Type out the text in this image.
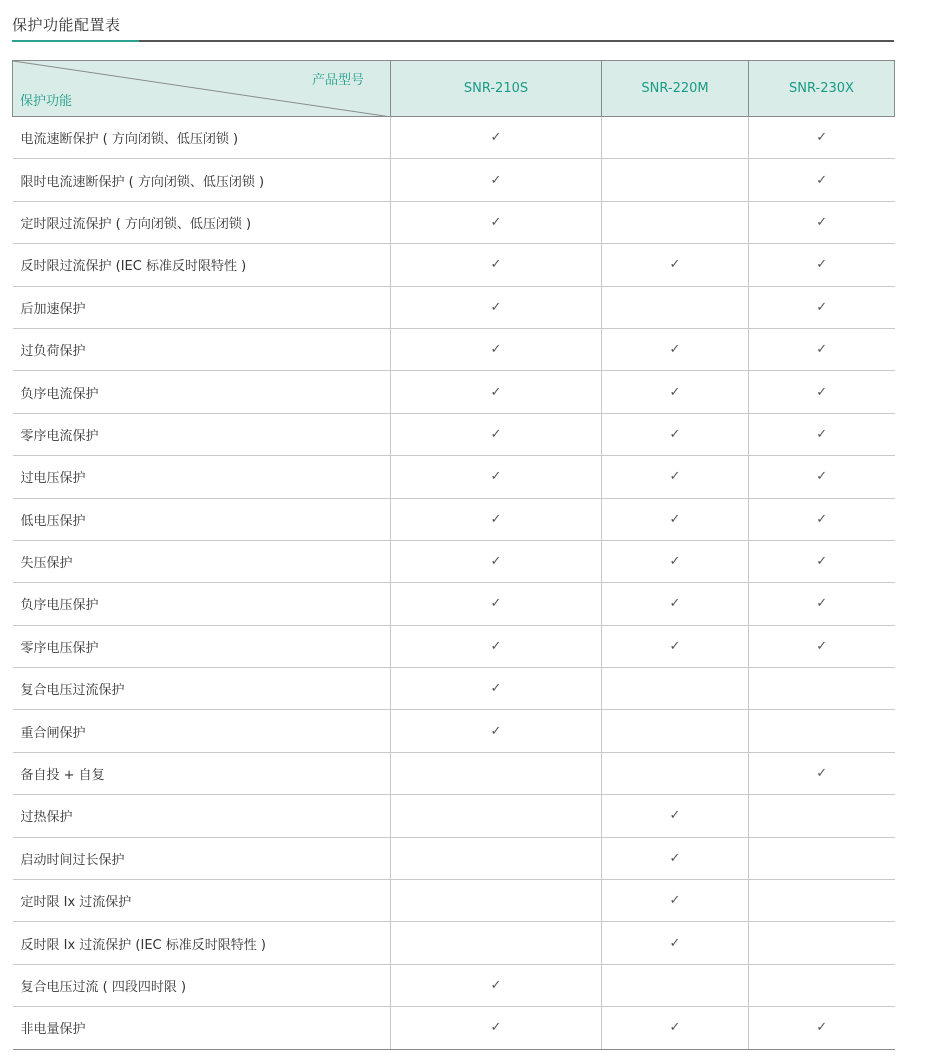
保护功能配置表
产品型号
保护功能	SNR-210S	SNR-220M	SNR-230X
电流速断保护 ( 方向闭锁、低压闭锁 )	✓		✓
限时电流速断保护 ( 方向闭锁、低压闭锁 )	✓		✓
定时限过流保护 ( 方向闭锁、低压闭锁 )	✓		✓
反时限过流保护 (IEC 标准反时限特性 )	✓	✓	✓
后加速保护	✓		✓
过负荷保护	✓	✓	✓
负序电流保护	✓	✓	✓
零序电流保护	✓	✓	✓
过电压保护	✓	✓	✓
低电压保护	✓	✓	✓
失压保护	✓	✓	✓
负序电压保护	✓	✓	✓
零序电压保护	✓	✓	✓
复合电压过流保护	✓		
重合闸保护	✓		
备自投 + 自复			✓
过热保护		✓	
启动时间过长保护		✓	
定时限 Ix 过流保护		✓	
反时限 Ix 过流保护 (IEC 标准反时限特性 )		✓	
复合电压过流 ( 四段四时限 )	✓		
非电量保护	✓	✓	✓
